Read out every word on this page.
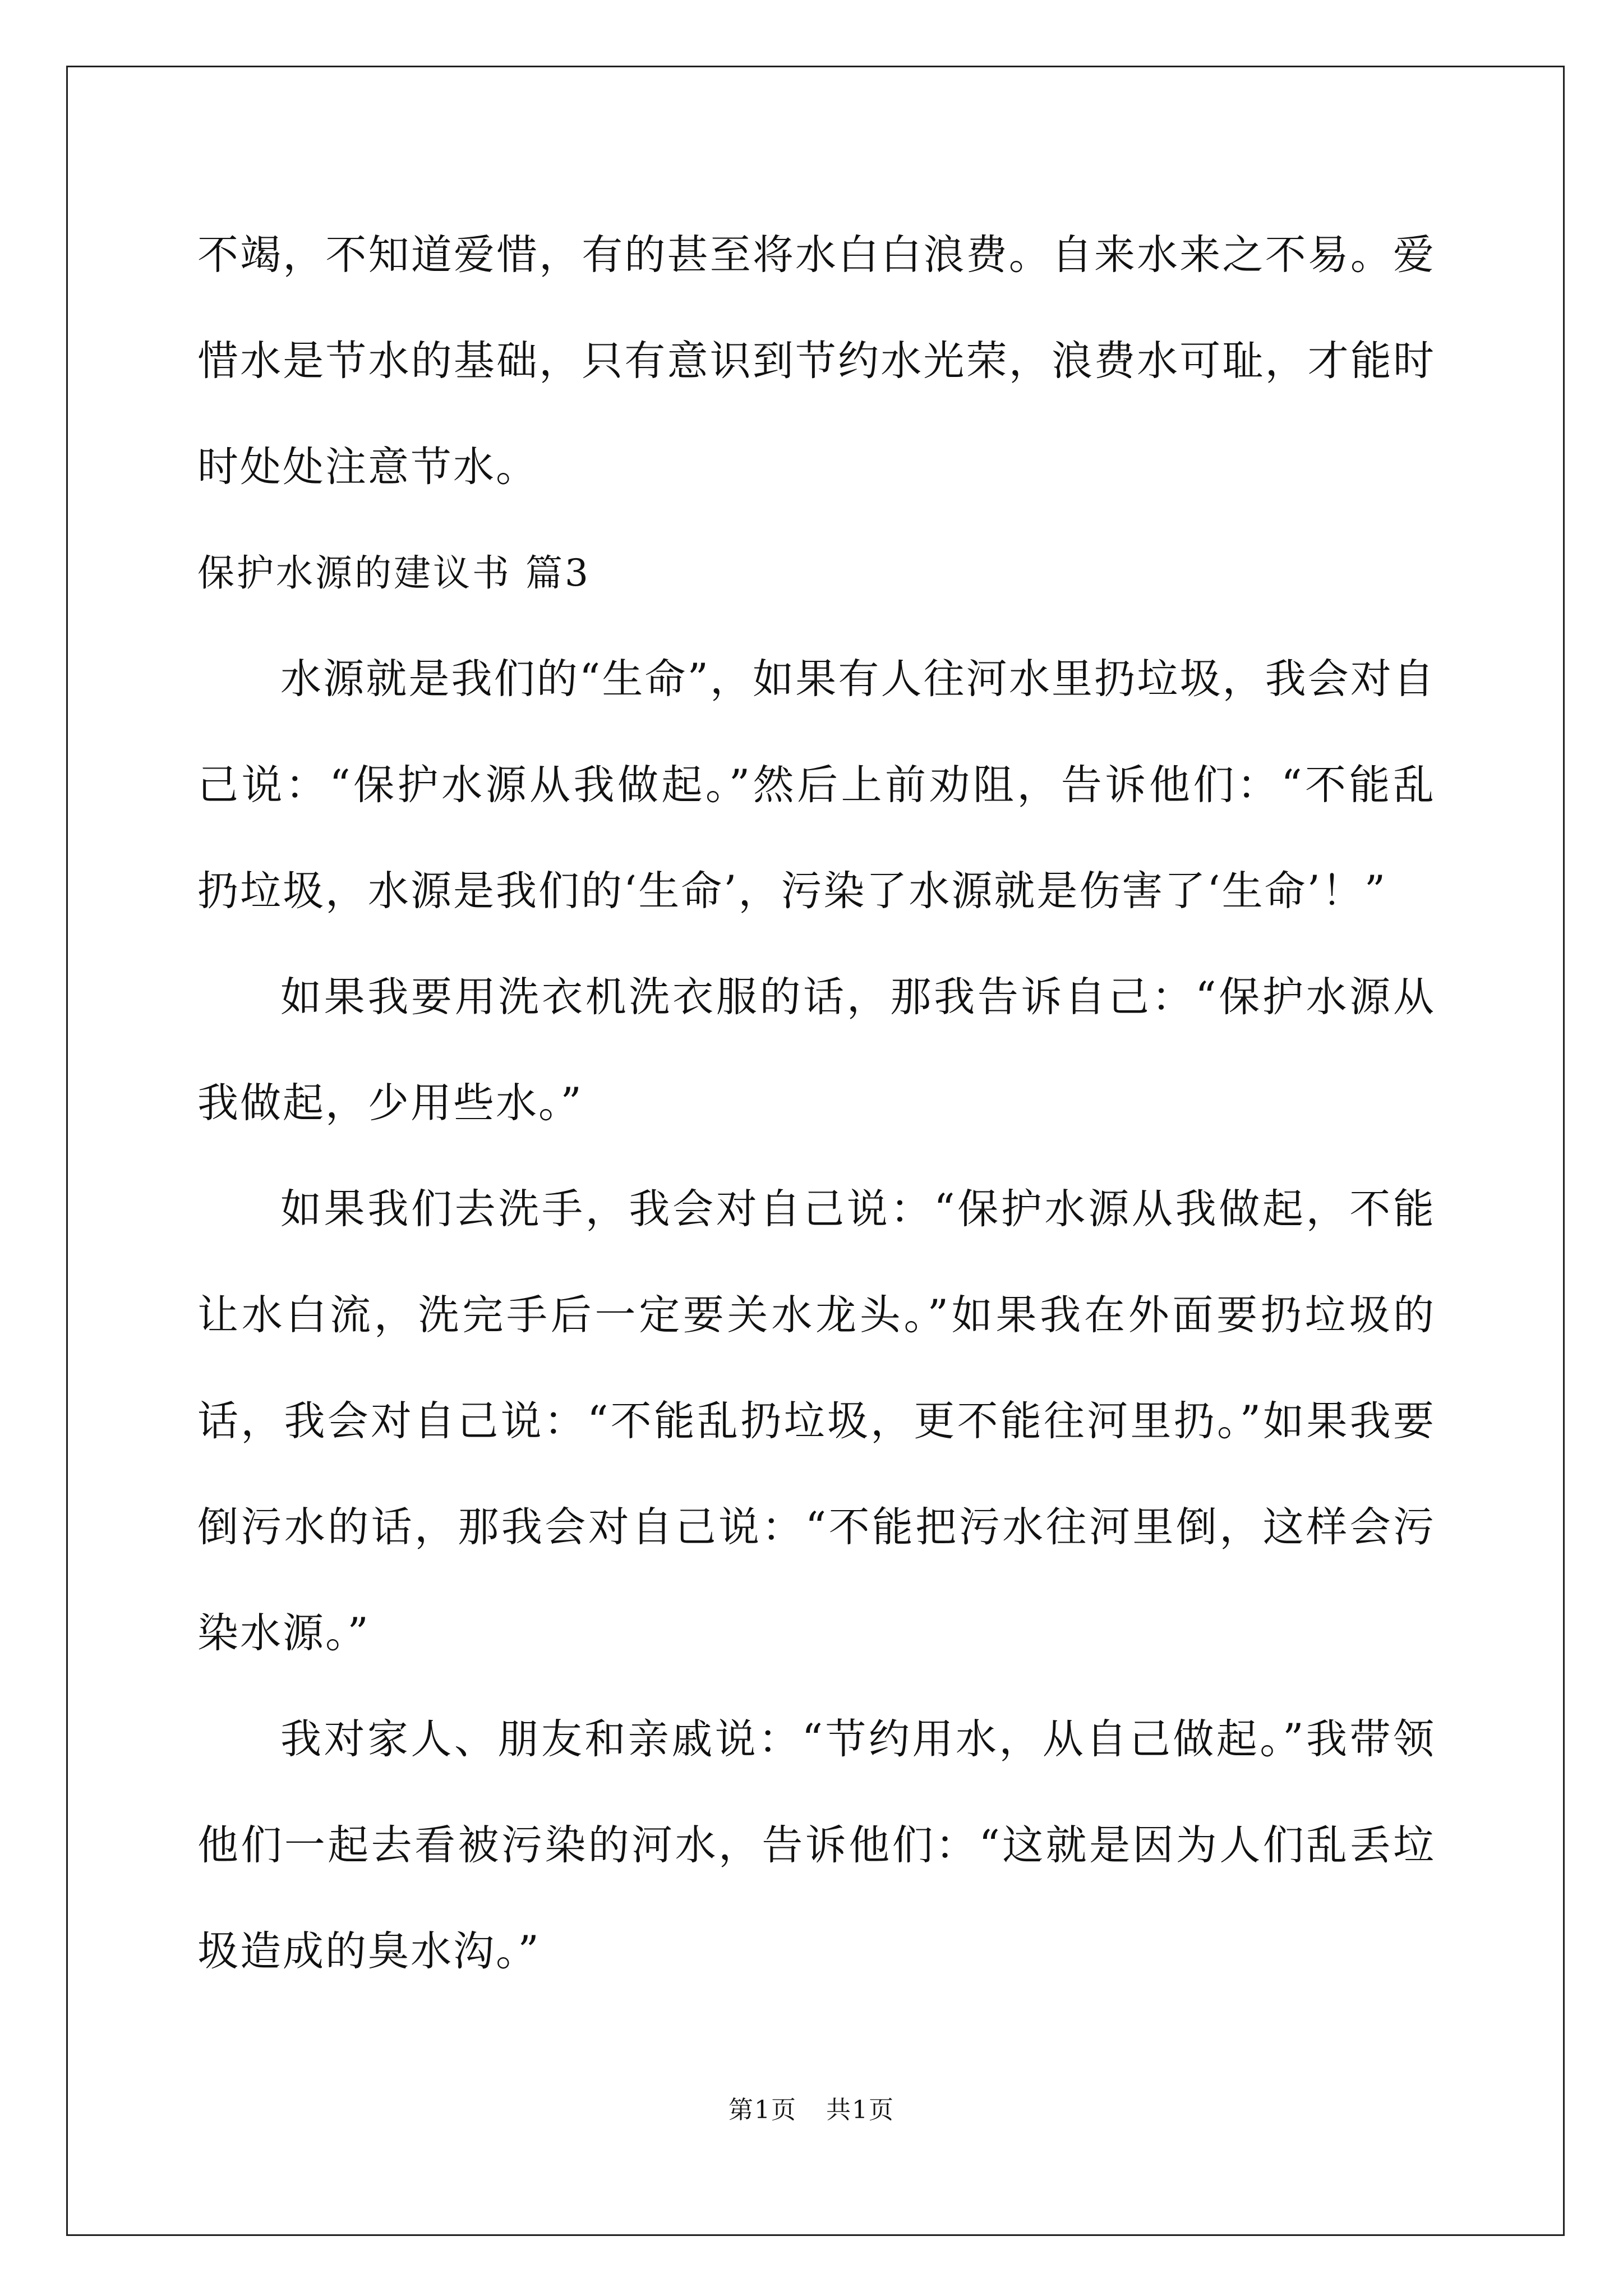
不竭，不知道爱惜，有的甚至将水白白浪费。自来水来之不易。爱惜水是节水的基础，只有意识到节约水光荣，浪费水可耻，才能时时处处注意节水。

保护水源的建议书 篇3

水源就是我们的“生命”，如果有人往河水里扔垃圾，我会对自己说：“保护水源从我做起。”然后上前劝阻，告诉他们：“不能乱扔垃圾，水源是我们的‘生命’，污染了水源就是伤害了‘生命’！”

如果我要用洗衣机洗衣服的话，那我告诉自己：“保护水源从我做起，少用些水。”

如果我们去洗手，我会对自己说：“保护水源从我做起，不能让水白流，洗完手后一定要关水龙头。”如果我在外面要扔垃圾的话，我会对自己说：“不能乱扔垃圾，更不能往河里扔。”如果我要倒污水的话，那我会对自己说：“不能把污水往河里倒，这样会污染水源。”

我对家人、朋友和亲戚说：“节约用水，从自己做起。”我带领他们一起去看被污染的河水，告诉他们：“这就是因为人们乱丢垃圾造成的臭水沟。”

第1页 共1页
